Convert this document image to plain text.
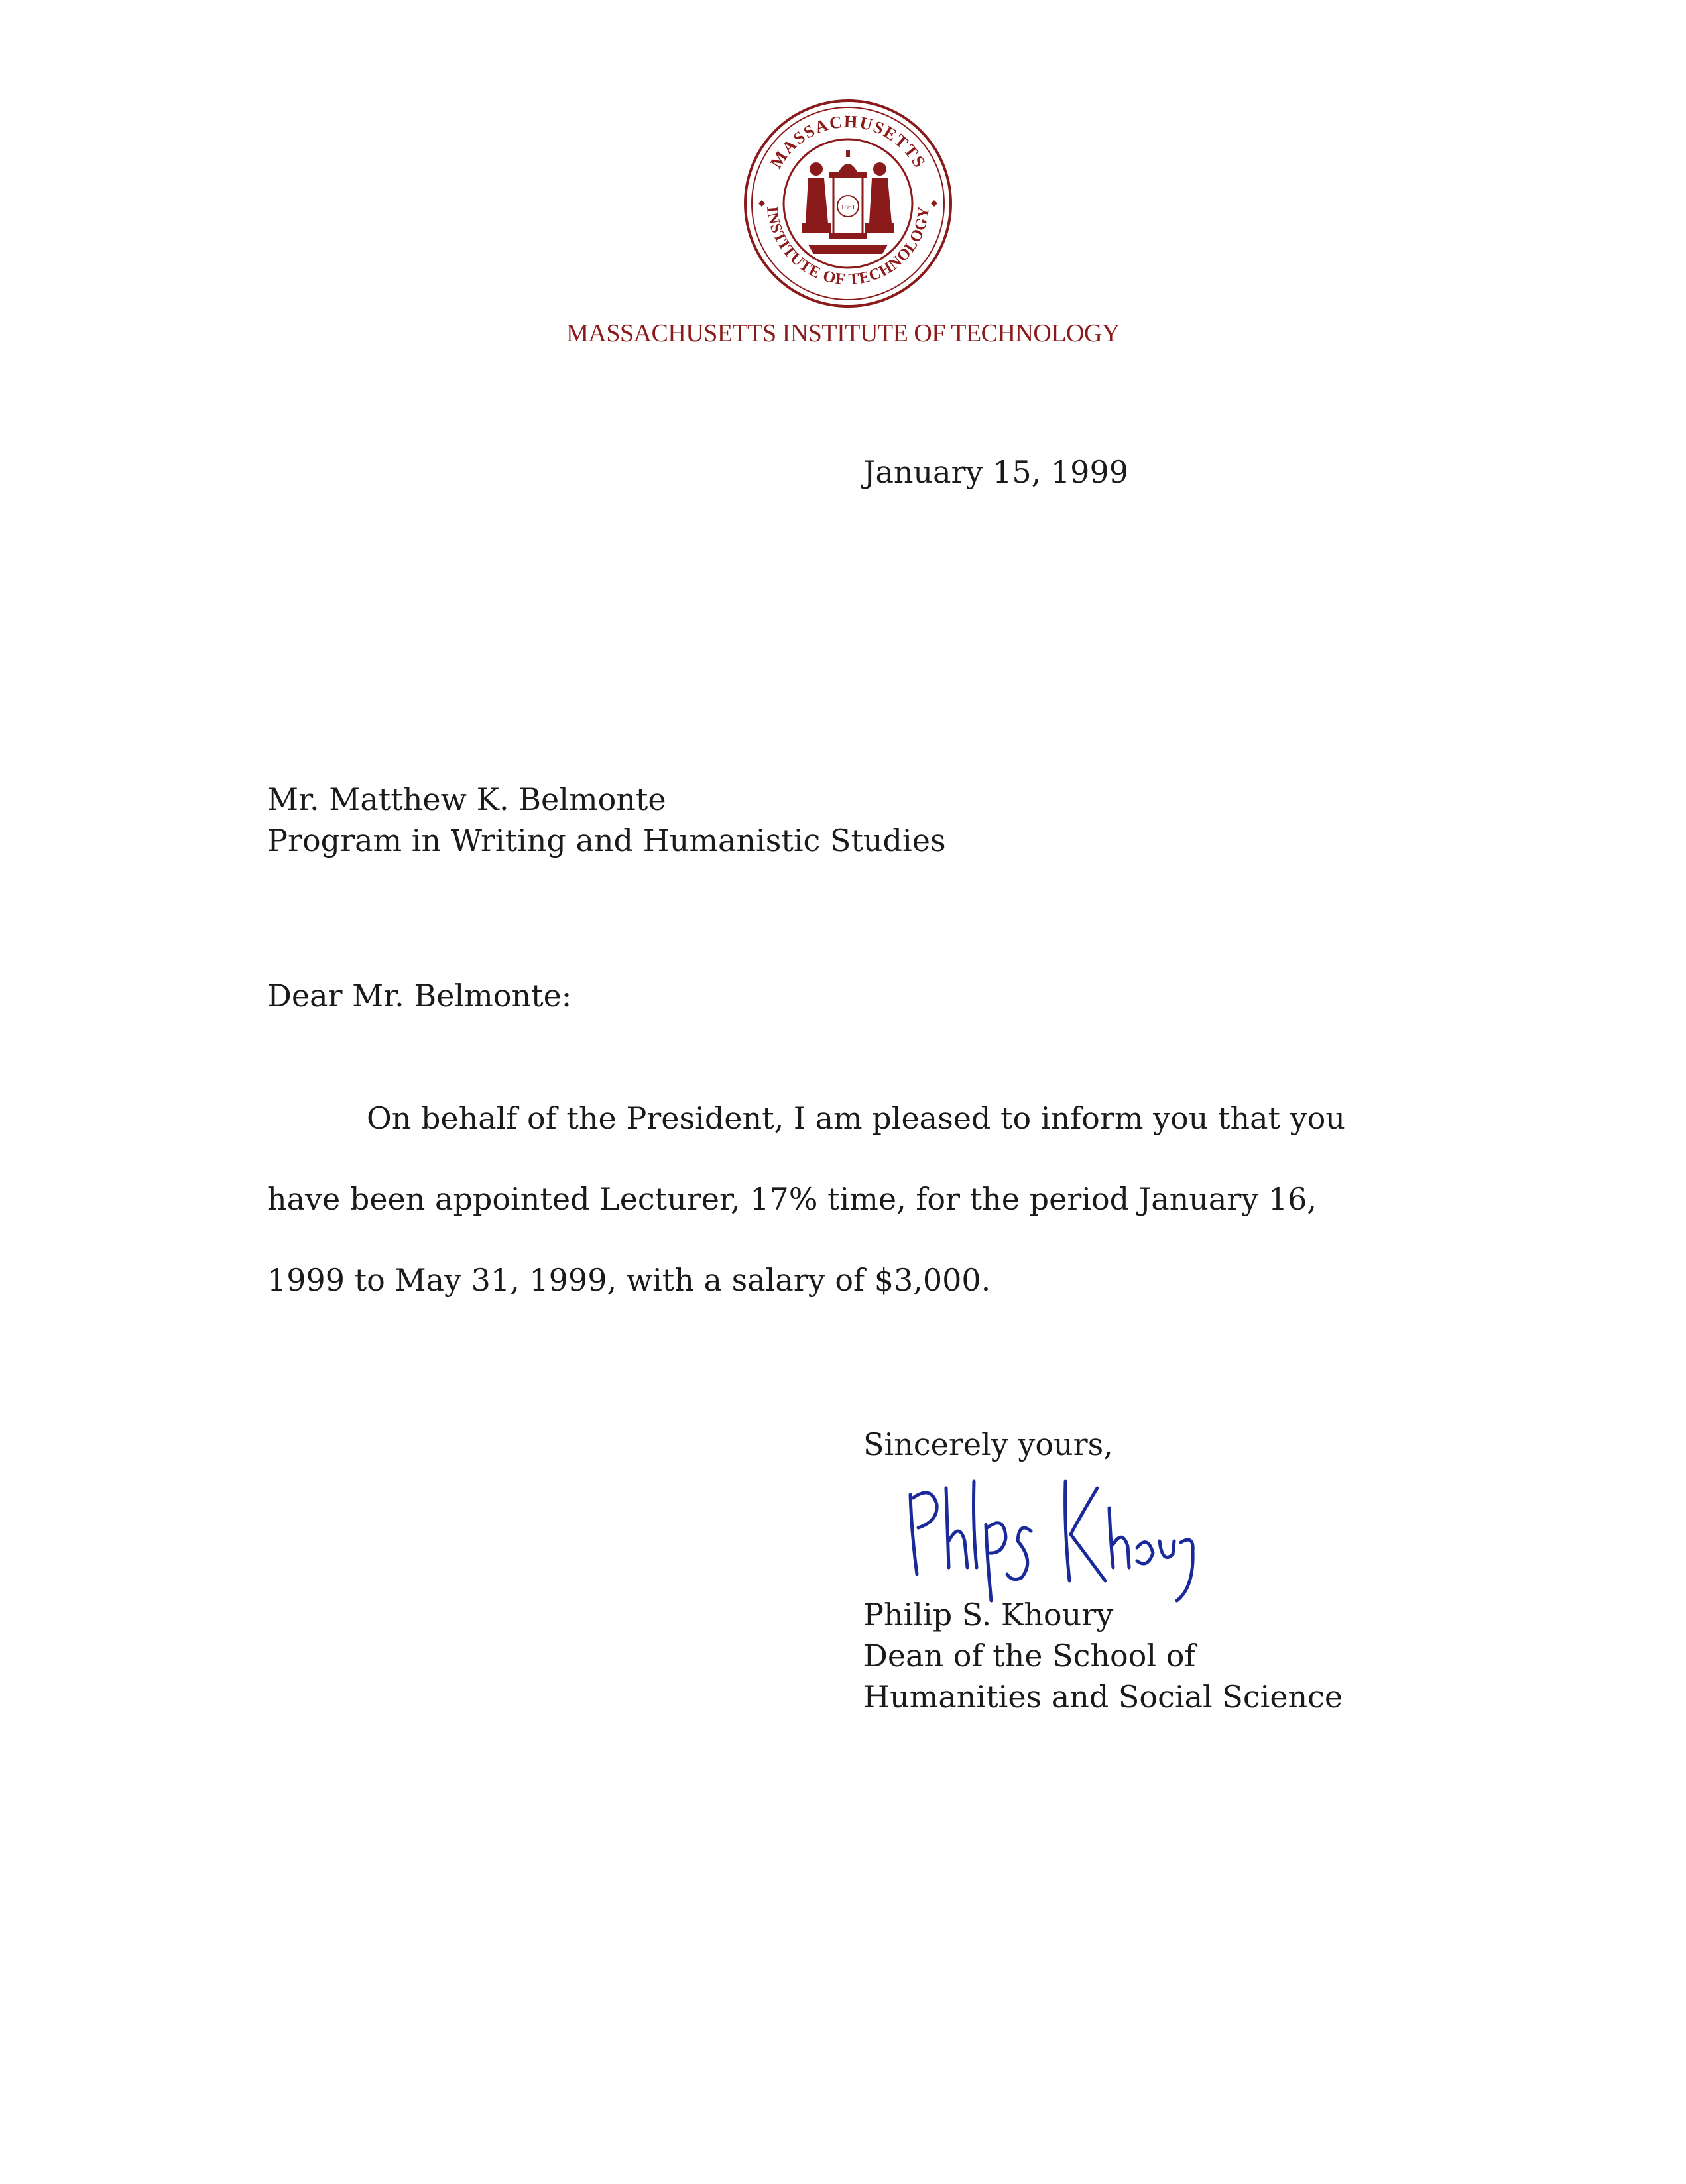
MASSACHUSETTS
INSTITUTE OF TECHNOLOGY
1861
MASSACHUSETTS INSTITUTE OF TECHNOLOGY
January 15, 1999
Mr. Matthew K. Belmonte
Program in Writing and Humanistic Studies
Dear Mr. Belmonte:
On behalf of the President, I am pleased to inform you that you
have been appointed Lecturer, 17% time, for the period January 16,
1999 to May 31, 1999, with a salary of $3,000.
Sincerely yours,
Philip S. Khoury
Dean of the School of
Humanities and Social Science
